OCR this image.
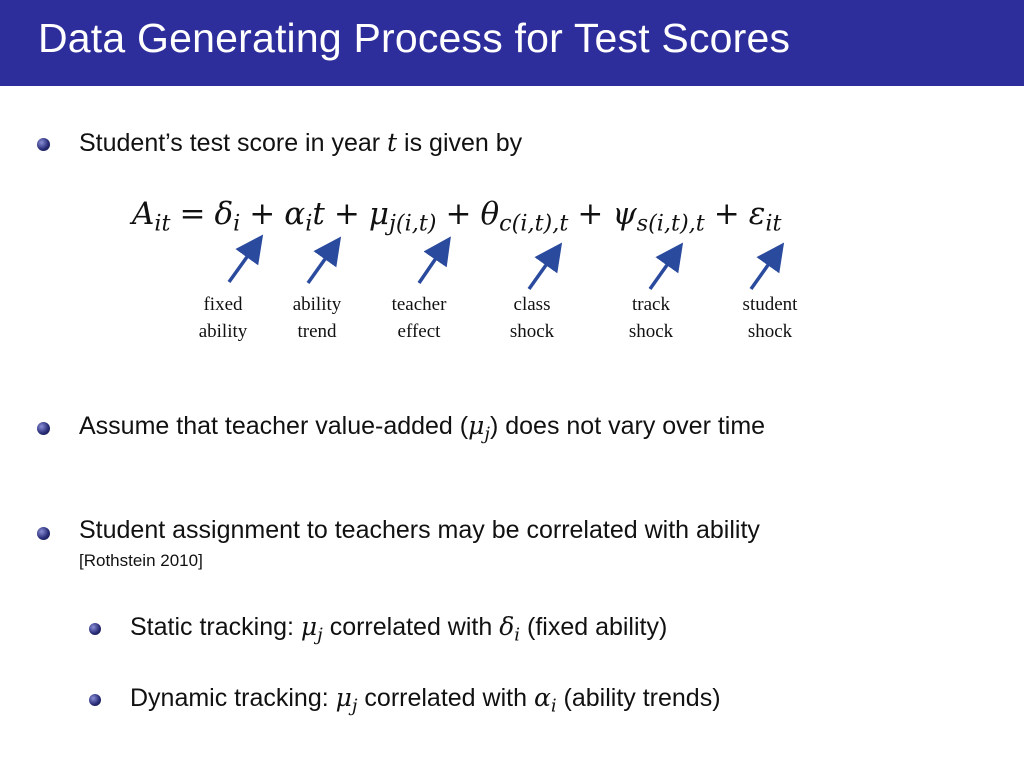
Data Generating Process for Test Scores
Student’s test score in year t is given by
$A_{it} = \delta_i + \alpha_it + \mu_{j(i,t)} + \theta_{c(i,t),t} + \psi_{s(i,t),t} + \varepsilon_{it}$
fixed
ability
ability
trend
teacher
effect
class
shock
track
shock
student
shock
Assume that teacher value-added $(\mu_j)$ does not vary over time
Student assignment to teachers may be correlated with ability
[Rothstein 2010]
Static tracking: $\mu_j$ correlated with $\delta_i$ (fixed ability)
Dynamic tracking: $\mu_j$ correlated with $\alpha_i$ (ability trends)
